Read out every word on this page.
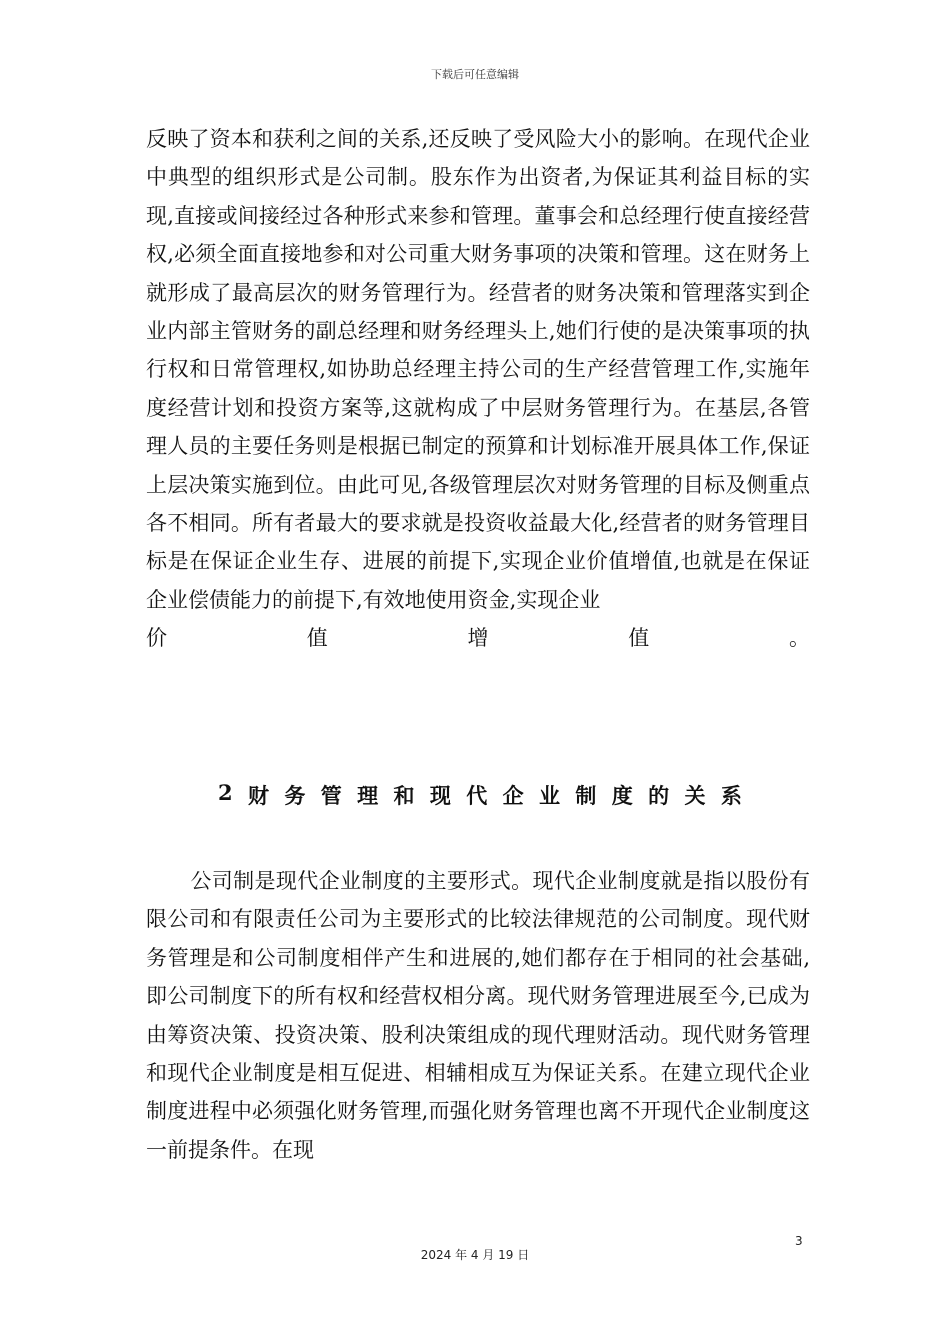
下载后可任意编辑
反映了资本和获利之间的关系,还反映了受风险大小的影响。在现代企业中典型的组织形式是公司制。股东作为出资者,为保证其利益目标的实现,直接或间接经过各种形式来参和管理。董事会和总经理行使直接经营权,必须全面直接地参和对公司重大财务事项的决策和管理。这在财务上就形成了最高层次的财务管理行为。经营者的财务决策和管理落实到企业内部主管财务的副总经理和财务经理头上,她们行使的是决策事项的执行权和日常管理权,如协助总经理主持公司的生产经营管理工作,实施年度经营计划和投资方案等,这就构成了中层财务管理行为。在基层,各管理人员的主要任务则是根据已制定的预算和计划标准开展具体工作,保证上层决策实施到位。由此可见,各级管理层次对财务管理的目标及侧重点各不相同。所有者最大的要求就是投资收益最大化,经营者的财务管理目标是在保证企业生存、进展的前提下,实现企业价值增值,也就是在保证企业偿债能力的前提下,有效地使用资金,实现企业
价	值	增	值	。
2 财 务 管 理 和 现 代 企 业 制 度 的 关 系
公司制是现代企业制度的主要形式。现代企业制度就是指以股份有限公司和有限责任公司为主要形式的比较法律规范的公司制度。现代财务管理是和公司制度相伴产生和进展的,她们都存在于相同的社会基础,即公司制度下的所有权和经营权相分离。现代财务管理进展至今,已成为由筹资决策、投资决策、股利决策组成的现代理财活动。现代财务管理和现代企业制度是相互促进、相辅相成互为保证关系。在建立现代企业制度进程中必须强化财务管理,而强化财务管理也离不开现代企业制度这一前提条件。在现
3
2024 年 4 月 19 日
